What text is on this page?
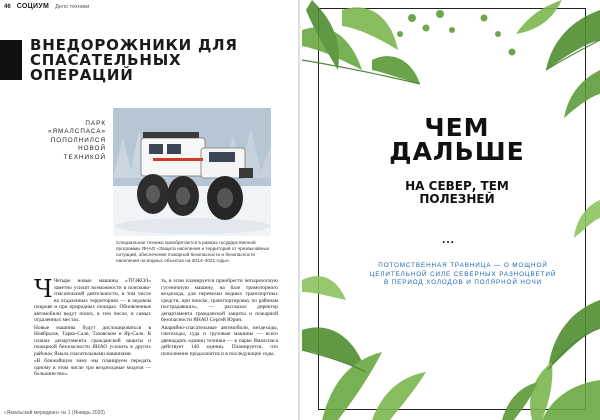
46 СОЦИУМ Дело техники
ВНЕДОРОЖНИКИ ДЛЯ СПАСАТЕЛЬНЫХ ОПЕРАЦИЙ
ПАРК «ЯМАЛСПАСА» ПОПОЛНИЛСЯ НОВОЙ ТЕХНИКОЙ
Специальная техника приобретается в рамках государственной программы ЯНАО «Защита населения и территорий от чрезвычайных ситуаций, обеспечение пожарной безопасности и безопасности населения на водных объектах на 2014–2021 годы».

Ч Четыре новые машины «ТРЭКОЛ» заметно усилят возможности в поисково-спасательной деятельности, в том числе на отдаленных территориях — в ледовом покрове и при природных пожарах. Обновленные автомобили ведут поиск, в том числе, в самых отдаленных местах.

Новые машины будут дислоцироваться в Ноябрьске, Тарко-Сале, Тазовском и Яр-Сале. В планах департамента гражданской защиты и пожарной безопасности ЯНАО усилить в других районах Ямала спасательными машинами.

«В ближайшую зиму мы планируем передать одному в этом числе три вездеходные модели — большинство».

ть, в этом планируется приобрести четырехосную гусеничную машину, на базе тримоторного вездехода, для перевозки водных транспортных средств, при поиске, транспортировку по районам пострадавших», — рассказал директор департамента гражданской защиты и пожарной безопасности ЯНАО Сергей Юрин.

Аварийно-спасательные автомобили, вездеходы, снегоходы, суда и грузовые машины — всего двенадцать единиц техники — в парке Ямалспаса действует 140 единиц. Планируется, что пополнение продолжится и в последующие годы.

«Ямальский меридиан» № 1 (Январь 2020)
ЧЕМ ДАЛЬШЕ
НА СЕВЕР, ТЕМ ПОЛЕЗНЕЙ
...
ПОТОМСТВЕННАЯ ТРАВНИЦА — О МОЩНОЙ ЦЕЛИТЕЛЬНОЙ СИЛЕ СЕВЕРНЫХ РАЗНОЦВЕТИЙ В ПЕРИОД ХОЛОДОВ И ПОЛЯРНОЙ НОЧИ
